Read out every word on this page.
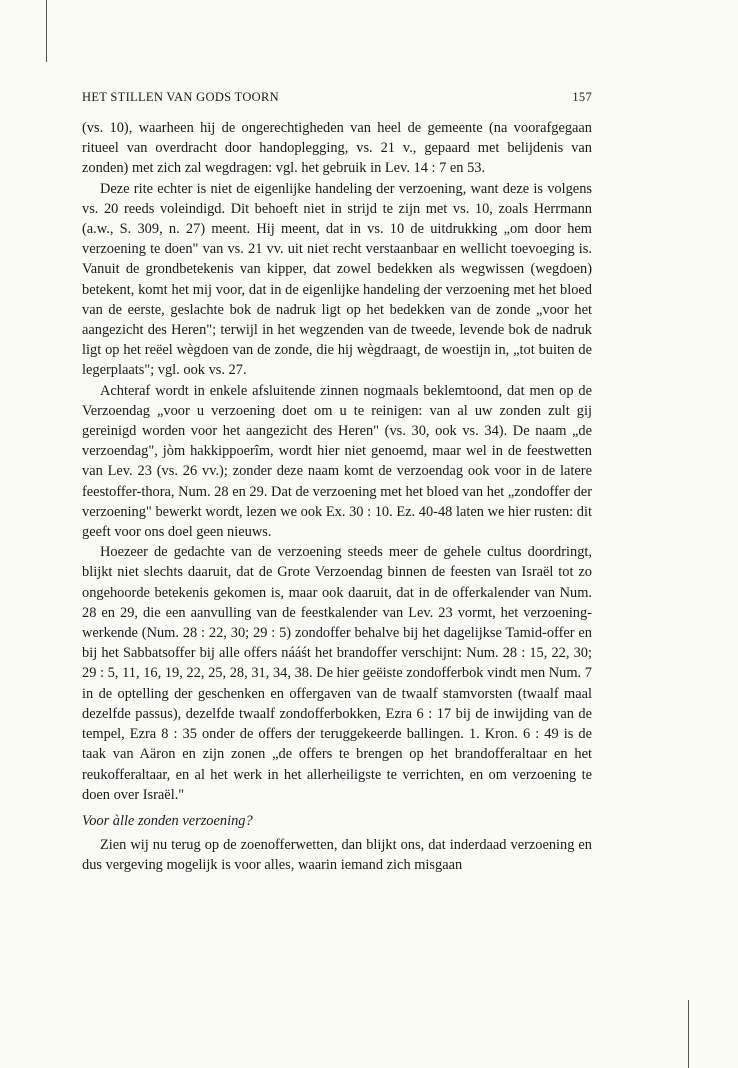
HET STILLEN VAN GODS TOORN	157

(vs. 10), waarheen hij de ongerechtigheden van heel de gemeente (na voorafgegaan ritueel van overdracht door handoplegging, vs. 21 v., gepaard met belijdenis van zonden) met zich zal wegdragen: vgl. het gebruik in Lev. 14 : 7 en 53.

Deze rite echter is niet de eigenlijke handeling der verzoening, want deze is volgens vs. 20 reeds voleindigd. Dit behoeft niet in strijd te zijn met vs. 10, zoals Herrmann (a.w., S. 309, n. 27) meent. Hij meent, dat in vs. 10 de uitdrukking „om door hem verzoening te doen" van vs. 21 vv. uit niet recht verstaanbaar en wellicht toevoeging is. Vanuit de grondbetekenis van kipper, dat zowel bedekken als wegwissen (wegdoen) betekent, komt het mij voor, dat in de eigenlijke handeling der verzoening met het bloed van de eerste, geslachte bok de nadruk ligt op het bedekken van de zonde „voor het aangezicht des Heren"; terwijl in het wegzenden van de tweede, levende bok de nadruk ligt op het reëel wègdoen van de zonde, die hij wègdraagt, de woestijn in, „tot buiten de legerplaats"; vgl. ook vs. 27.

Achteraf wordt in enkele afsluitende zinnen nogmaals beklemtoond, dat men op de Verzoendag „voor u verzoening doet om u te reinigen: van al uw zonden zult gij gereinigd worden voor het aangezicht des Heren" (vs. 30, ook vs. 34). De naam „de verzoendag", jòm hakkippoerîm, wordt hier niet genoemd, maar wel in de feestwetten van Lev. 23 (vs. 26 vv.); zonder deze naam komt de verzoendag ook voor in de latere feestoffer-thora, Num. 28 en 29. Dat de verzoening met het bloed van het „zondoffer der verzoening" bewerkt wordt, lezen we ook Ex. 30 : 10. Ez. 40-48 laten we hier rusten: dit geeft voor ons doel geen nieuws.

Hoezeer de gedachte van de verzoening steeds meer de gehele cultus doordringt, blijkt niet slechts daaruit, dat de Grote Verzoendag binnen de feesten van Israël tot zo ongehoorde betekenis gekomen is, maar ook daaruit, dat in de offerkalender van Num. 28 en 29, die een aanvulling van de feestkalender van Lev. 23 vormt, het verzoening-werkende (Num. 28 : 22, 30; 29 : 5) zondoffer behalve bij het dagelijkse Tamid-offer en bij het Sabbatsoffer bij alle offers nááśt het brandoffer verschijnt: Num. 28 : 15, 22, 30; 29 : 5, 11, 16, 19, 22, 25, 28, 31, 34, 38. De hier geëiste zondofferbok vindt men Num. 7 in de optelling der geschenken en offergaven van de twaalf stamvorsten (twaalf maal dezelfde passus), dezelfde twaalf zondofferbokken, Ezra 6 : 17 bij de inwijding van de tempel, Ezra 8 : 35 onder de offers der teruggekeerde ballingen. 1. Kron. 6 : 49 is de taak van Aäron en zijn zonen „de offers te brengen op het brandofferaltaar en het reukofferaltaar, en al het werk in het allerheiligste te verrichten, en om verzoening te doen over Israël."

Voor àlle zonden verzoening?

Zien wij nu terug op de zoenofferwetten, dan blijkt ons, dat inderdaad verzoening en dus vergeving mogelijk is voor alles, waarin iemand zich misgaan
